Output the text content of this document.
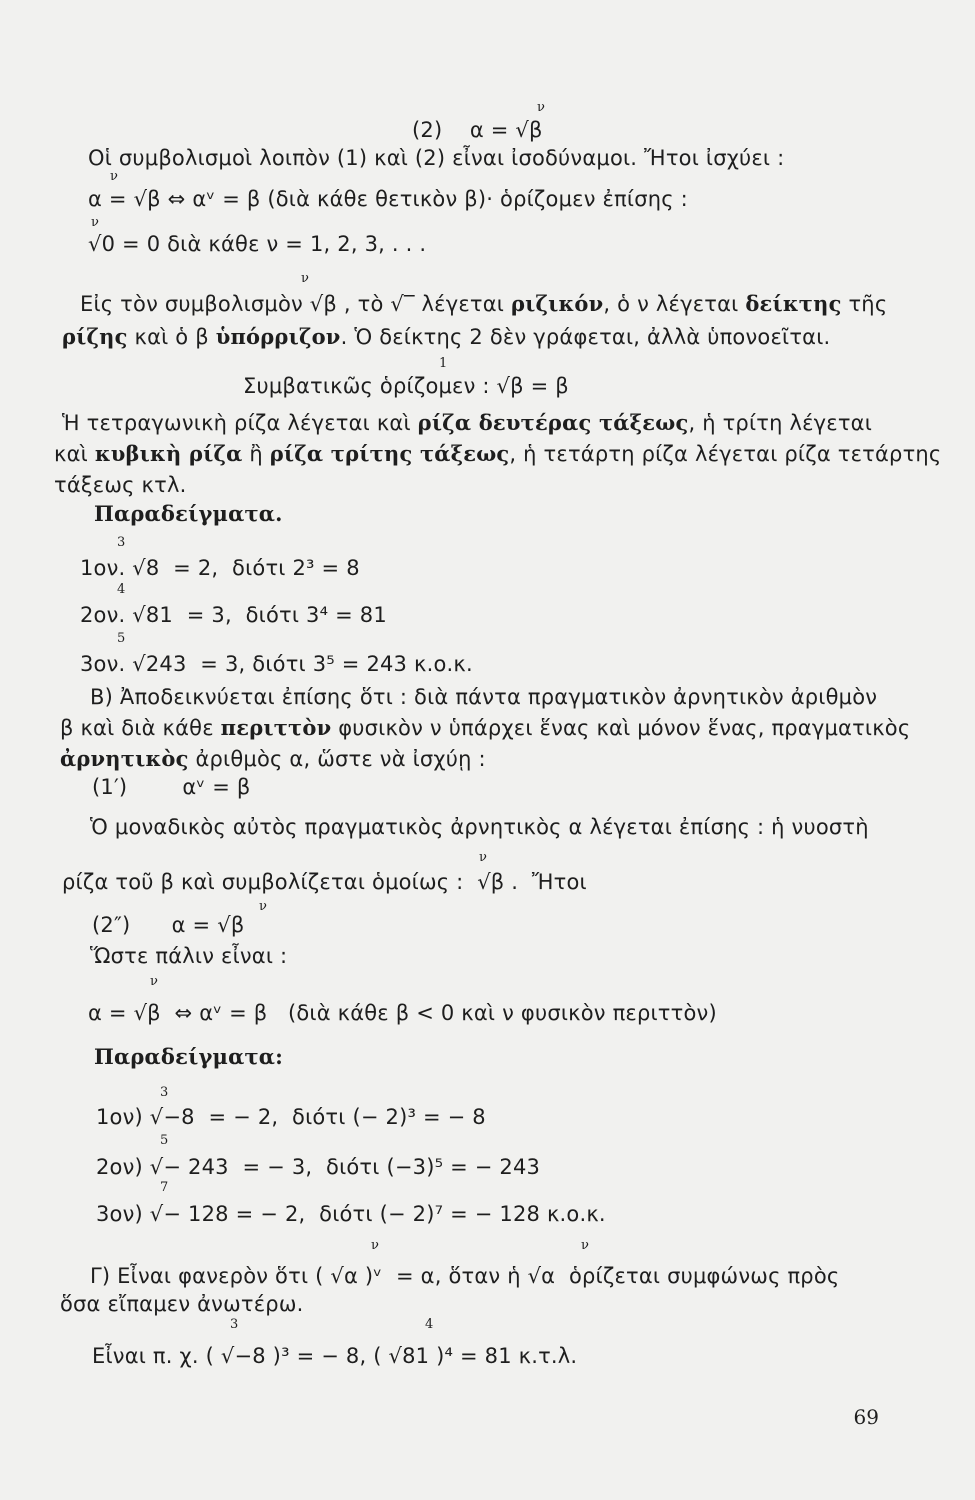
ν
ν
ν
ν
1
3
4
5
ν
ν
ν
3
5
7
ν	ν
3	4
(2)    α = √β
Οἱ συμβολισμοὶ λοιπὸν (1) καὶ (2) εἶναι ἰσοδύναμοι. Ἤτοι ἰσχύει :
α = √β ⇔ αᵛ = β (διὰ κάθε θετικὸν β)· ὁρίζομεν ἐπίσης :
√0 = 0 διὰ κάθε ν = 1, 2, 3, . . .
Εἰς τὸν συμβολισμὸν √β , τὸ √‾ λέγεται ριζικόν, ὁ ν λέγεται δείκτης τῆς
ρίζης καὶ ὁ β ὑπόρριζον. Ὁ δείκτης 2 δὲν γράφεται, ἀλλὰ ὑπονοεῖται.
Συμβατικῶς ὁρίζομεν : √β = β
Ἡ τετραγωνικὴ ρίζα λέγεται καὶ ρίζα δευτέρας τάξεως, ἡ τρίτη λέγεται
καὶ κυβικὴ ρίζα ἢ ρίζα τρίτης τάξεως, ἡ τετάρτη ρίζα λέγεται ρίζα τετάρτης
τάξεως κτλ.
Παραδείγματα.
1ον. √8  = 2,  διότι 2³ = 8
2ον. √81  = 3,  διότι 3⁴ = 81
3ον. √243  = 3, διότι 3⁵ = 243 κ.ο.κ.
Β) Ἀποδεικνύεται ἐπίσης ὅτι : διὰ πάντα πραγματικὸν ἀρνητικὸν ἀριθμὸν
β καὶ διὰ κάθε περιττὸν φυσικὸν ν ὑπάρχει ἕνας καὶ μόνον ἕνας, πραγματικὸς
ἀρνητικὸς ἀριθμὸς α, ὥστε νὰ ἰσχύῃ :
(1′)        αᵛ = β
Ὁ μοναδικὸς αὐτὸς πραγματικὸς ἀρνητικὸς α λέγεται ἐπίσης : ἡ νυοστὴ
ρίζα τοῦ β καὶ συμβολίζεται ὁμοίως :  √β .  Ἤτοι
(2″)      α = √β
Ὥστε πάλιν εἶναι :
α = √β  ⇔ αᵛ = β   (διὰ κάθε β < 0 καὶ ν φυσικὸν περιττὸν)
Παραδείγματα:
1ον) √−8  = − 2,  διότι (− 2)³ = − 8
2ον) √− 243  = − 3,  διότι (−3)⁵ = − 243
3ον) √− 128 = − 2,  διότι (− 2)⁷ = − 128 κ.ο.κ.
Γ) Εἶναι φανερὸν ὅτι ( √α )ᵛ  = α, ὅταν ἡ √α  ὁρίζεται συμφώνως πρὸς
ὅσα εἴπαμεν ἀνωτέρω.
Εἶναι π. χ. ( √−8 )³ = − 8, ( √81 )⁴ = 81 κ.τ.λ.
69
